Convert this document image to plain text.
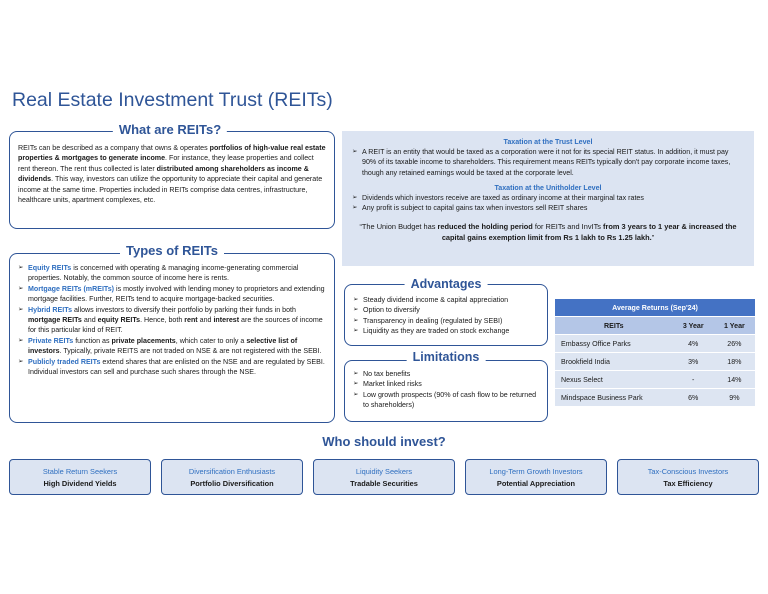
Real Estate Investment Trust (REITs)
REITs can be described as a company that owns & operates portfolios of high-value real estate properties & mortgages to generate income. For instance, they lease properties and collect rent thereon. The rent thus collected is later distributed among shareholders as income & dividends. This way, investors can utilize the opportunity to appreciate their capital and generate income at the same time. Properties included in REITs comprise data centres, infrastructure, healthcare units, apartment complexes, etc.
What are REITs?
➢ Equity REITs is concerned with operating & managing income-generating commercial properties. Notably, the common source of income here is rents.
➢ Mortgage REITs (mREITs) is mostly involved with lending money to proprietors and extending mortgage facilities. Further, REITs tend to acquire mortgage-backed securities.
➢ Hybrid REITs allows investors to diversify their portfolio by parking their funds in both mortgage REITs and equity REITs. Hence, both rent and interest are the sources of income for this particular kind of REIT.
➢ Private REITs function as private placements, which cater to only a selective list of investors. Typically, private REITS are not traded on NSE & are not registered with the SEBI.
➢ Publicly traded REITs extend shares that are enlisted on the NSE and are regulated by SEBI. Individual investors can sell and purchase such shares through the NSE.
Types of REITs
Taxation at the Trust Level
➢ A REIT is an entity that would be taxed as a corporation were it not for its special REIT status. In addition, it must pay 90% of its taxable income to shareholders. This requirement means REITs typically don't pay corporate income taxes, though any retained earnings would be taxed at the corporate level.
Taxation at the Unitholder Level
➢ Dividends which investors receive are taxed as ordinary income at their marginal tax rates
➢ Any profit is subject to capital gains tax when investors sell REIT shares
“The Union Budget has reduced the holding period for REITs and InvITs from 3 years to 1 year & increased the capital gains exemption limit from Rs 1 lakh to Rs 1.25 lakh.”
➢ Steady dividend income & capital appreciation
➢ Option to diversify
➢ Transparency in dealing (regulated by SEBI)
➢ Liquidity as they are traded on stock exchange
Advantages
➢ No tax benefits
➢ Market linked risks
➢ Low growth prospects (90% of cash flow to be returned to shareholders)
Limitations
Average Returns (Sep'24)		
REITs	3 Year	1 Year
Embassy Office Parks	4%	26%
Brookfield India	3%	18%
Nexus Select	-	14%
Mindspace Business Park	6%	9%
Who should invest?
Stable Return Seekers
High Dividend Yields
Diversification Enthusiasts
Portfolio Diversification
Liquidity Seekers
Tradable Securities
Long-Term Growth Investors
Potential Appreciation
Tax-Conscious Investors
Tax Efficiency
